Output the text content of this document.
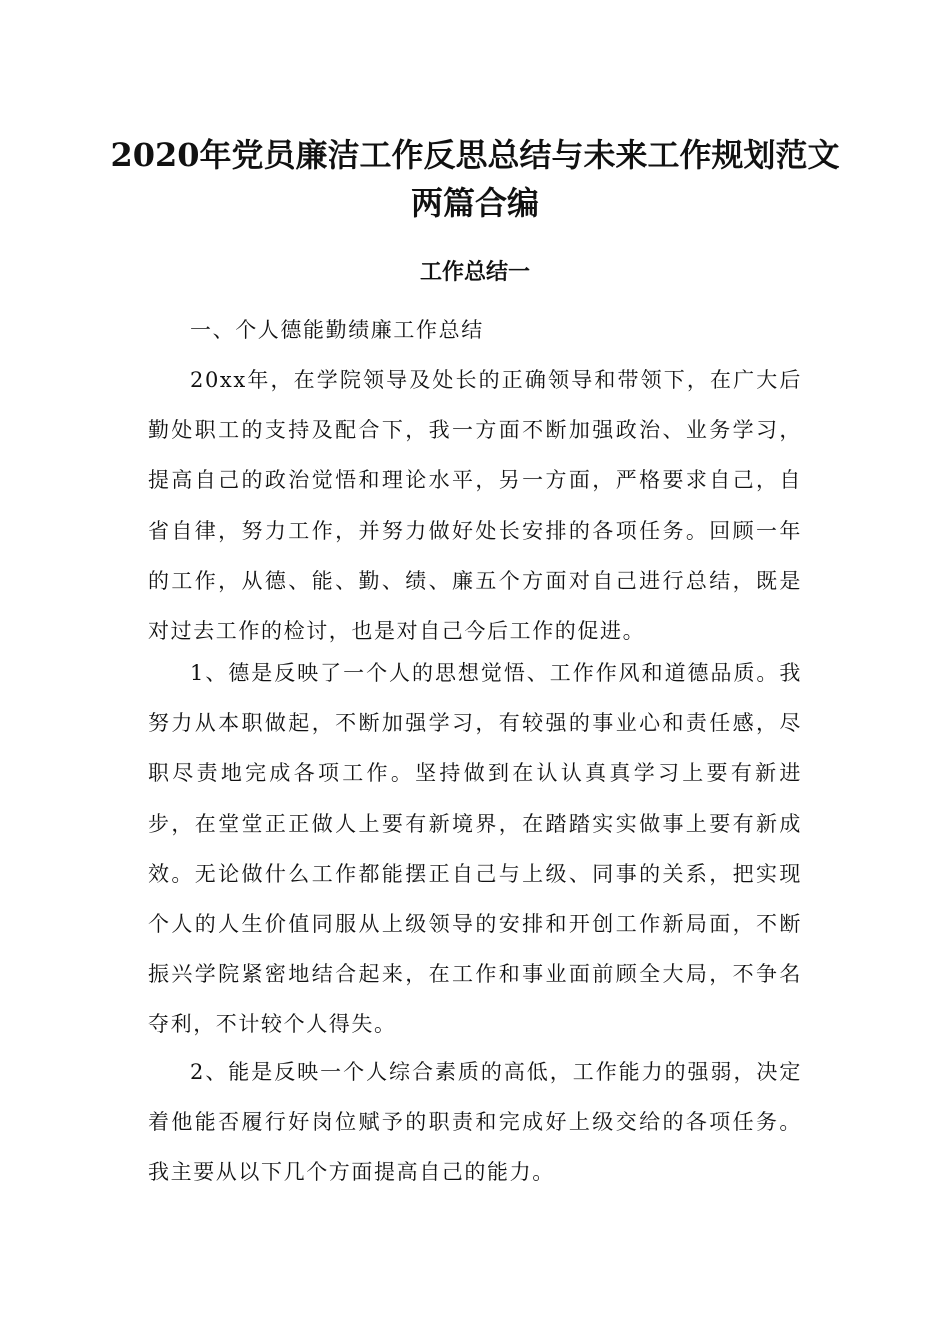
2020年党员廉洁工作反思总结与未来工作规划范文
两篇合编
工作总结一

一、个人德能勤绩廉工作总结

20xx年，在学院领导及处长的正确领导和带领下，在广大后勤处职工的支持及配合下，我一方面不断加强政治、业务学习，提高自己的政治觉悟和理论水平，另一方面，严格要求自己，自省自律，努力工作，并努力做好处长安排的各项任务。回顾一年的工作，从德、能、勤、绩、廉五个方面对自己进行总结，既是对过去工作的检讨，也是对自己今后工作的促进。

1、德是反映了一个人的思想觉悟、工作作风和道德品质。我努力从本职做起，不断加强学习，有较强的事业心和责任感，尽职尽责地完成各项工作。坚持做到在认认真真学习上要有新进步，在堂堂正正做人上要有新境界，在踏踏实实做事上要有新成效。无论做什么工作都能摆正自己与上级、同事的关系，把实现个人的人生价值同服从上级领导的安排和开创工作新局面，不断振兴学院紧密地结合起来，在工作和事业面前顾全大局，不争名夺利，不计较个人得失。

2、能是反映一个人综合素质的高低，工作能力的强弱，决定着他能否履行好岗位赋予的职责和完成好上级交给的各项任务。我主要从以下几个方面提高自己的能力。
